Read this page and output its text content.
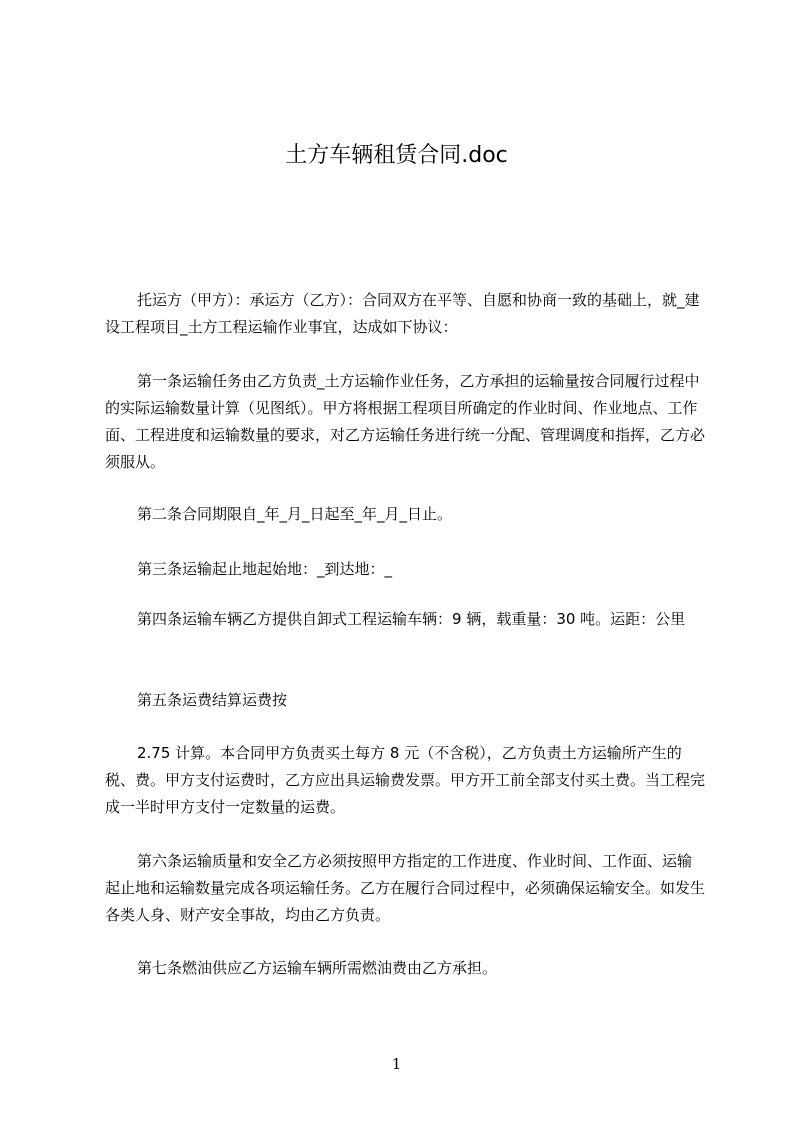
土方车辆租赁合同.doc

托运方（甲方）：承运方（乙方）：合同双方在平等、自愿和协商一致的基础上，就_建设工程项目_土方工程运输作业事宜，达成如下协议：

第一条运输任务由乙方负责_土方运输作业任务，乙方承担的运输量按合同履行过程中的实际运输数量计算（见图纸）。甲方将根据工程项目所确定的作业时间、作业地点、工作面、工程进度和运输数量的要求，对乙方运输任务进行统一分配、管理调度和指挥，乙方必须服从。

第二条合同期限自_年_月_日起至_年_月_日止。

第三条运输起止地起始地：_到达地：_

第四条运输车辆乙方提供自卸式工程运输车辆：9 辆，载重量：30 吨。运距：公里

第五条运费结算运费按

2.75 计算。本合同甲方负责买土每方 8 元（不含税），乙方负责土方运输所产生的税、费。甲方支付运费时，乙方应出具运输费发票。甲方开工前全部支付买土费。当工程完成一半时甲方支付一定数量的运费。

第六条运输质量和安全乙方必须按照甲方指定的工作进度、作业时间、工作面、运输起止地和运输数量完成各项运输任务。乙方在履行合同过程中，必须确保运输安全。如发生各类人身、财产安全事故，均由乙方负责。

第七条燃油供应乙方运输车辆所需燃油费由乙方承担。

1
